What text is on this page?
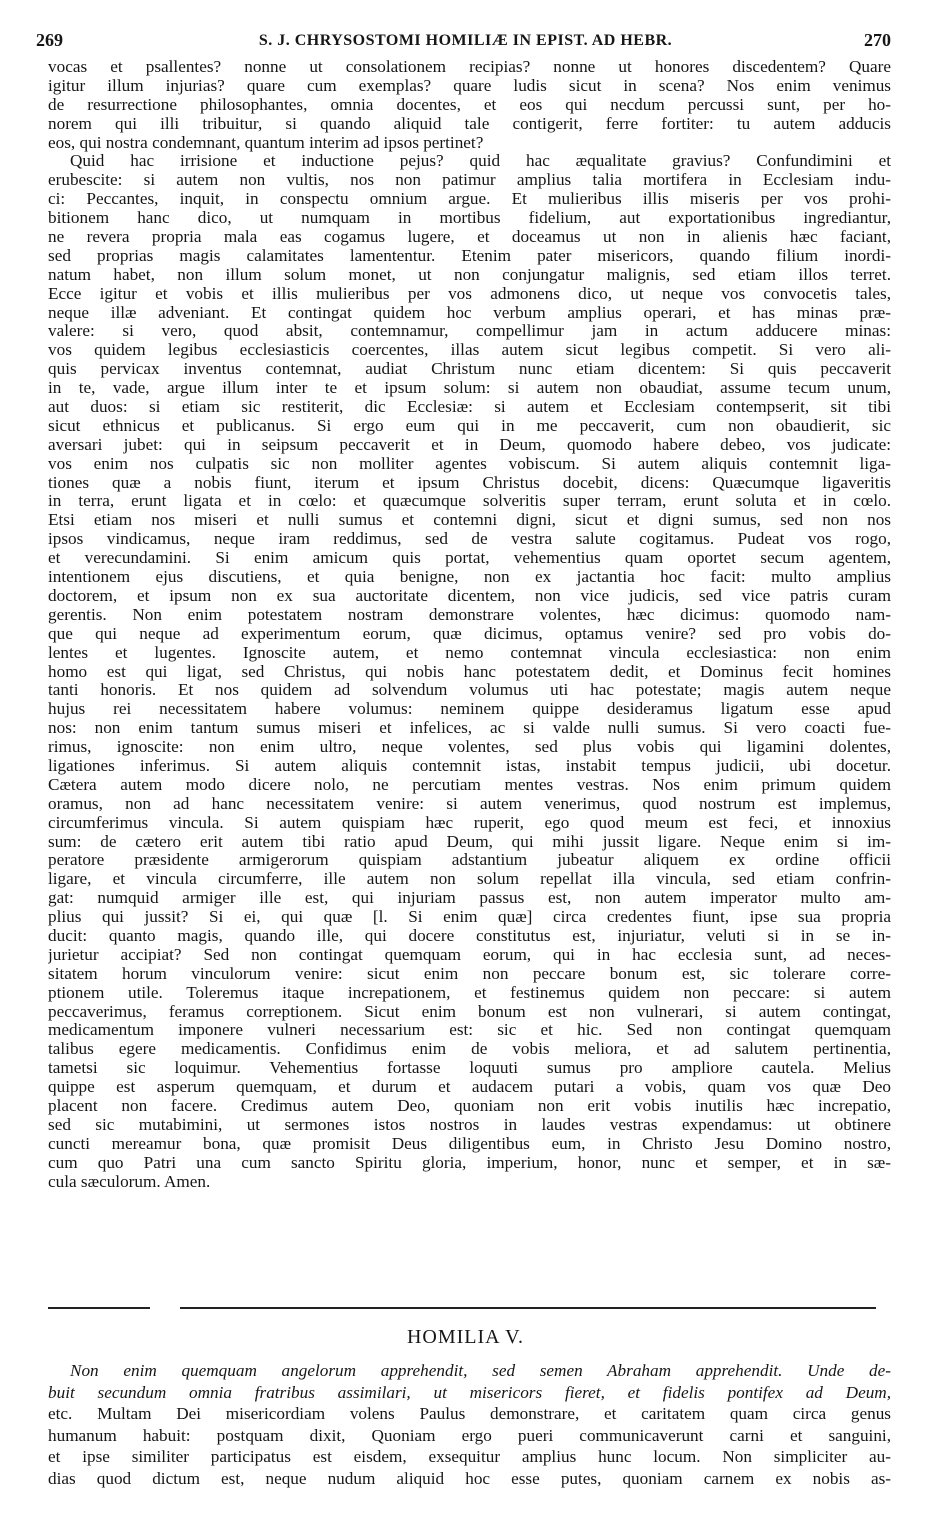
269	S. J. CHRYSOSTOMI HOMILIÆ IN EPIST. AD HEBR.	270
vocas et psallentes? nonne ut consolationem recipias? nonne ut honores discedentem? Quare
igitur illum injurias? quare cum exemplas? quare ludis sicut in scena? Nos enim venimus
de resurrectione philosophantes, omnia docentes, et eos qui necdum percussi sunt, per ho-
norem qui illi tribuitur, si quando aliquid tale contigerit, ferre fortiter: tu autem adducis
eos, qui nostra condemnant, quantum interim ad ipsos pertinet?
Quid hac irrisione et inductione pejus? quid hac æqualitate gravius? Confundimini et
erubescite: si autem non vultis, nos non patimur amplius talia mortifera in Ecclesiam indu-
ci: Peccantes, inquit, in conspectu omnium argue. Et mulieribus illis miseris per vos prohi-
bitionem hanc dico, ut numquam in mortibus fidelium, aut exportationibus ingrediantur,
ne revera propria mala eas cogamus lugere, et doceamus ut non in alienis hæc faciant,
sed proprias magis calamitates lamententur. Etenim pater misericors, quando filium inordi-
natum habet, non illum solum monet, ut non conjungatur malignis, sed etiam illos terret.
Ecce igitur et vobis et illis mulieribus per vos admonens dico, ut neque vos convocetis tales,
neque illæ adveniant. Et contingat quidem hoc verbum amplius operari, et has minas præ-
valere: si vero, quod absit, contemnamur, compellimur jam in actum adducere minas:
vos quidem legibus ecclesiasticis coercentes, illas autem sicut legibus competit. Si vero ali-
quis pervicax inventus contemnat, audiat Christum nunc etiam dicentem: Si quis peccaverit
in te, vade, argue illum inter te et ipsum solum: si autem non obaudiat, assume tecum unum,
aut duos: si etiam sic restiterit, dic Ecclesiæ: si autem et Ecclesiam contempserit, sit tibi
sicut ethnicus et publicanus. Si ergo eum qui in me peccaverit, cum non obaudierit, sic
aversari jubet: qui in seipsum peccaverit et in Deum, quomodo habere debeo, vos judicate:
vos enim nos culpatis sic non molliter agentes vobiscum. Si autem aliquis contemnit liga-
tiones quæ a nobis fiunt, iterum et ipsum Christus docebit, dicens: Quæcumque ligaveritis
in terra, erunt ligata et in cœlo: et quæcumque solveritis super terram, erunt soluta et in cœlo.
Etsi etiam nos miseri et nulli sumus et contemni digni, sicut et digni sumus, sed non nos
ipsos vindicamus, neque iram reddimus, sed de vestra salute cogitamus. Pudeat vos rogo,
et verecundamini. Si enim amicum quis portat, vehementius quam oportet secum agentem,
intentionem ejus discutiens, et quia benigne, non ex jactantia hoc facit: multo amplius
doctorem, et ipsum non ex sua auctoritate dicentem, non vice judicis, sed vice patris curam
gerentis. Non enim potestatem nostram demonstrare volentes, hæc dicimus: quomodo nam-
que qui neque ad experimentum eorum, quæ dicimus, optamus venire? sed pro vobis do-
lentes et lugentes. Ignoscite autem, et nemo contemnat vincula ecclesiastica: non enim
homo est qui ligat, sed Christus, qui nobis hanc potestatem dedit, et Dominus fecit homines
tanti honoris. Et nos quidem ad solvendum volumus uti hac potestate; magis autem neque
hujus rei necessitatem habere volumus: neminem quippe desideramus ligatum esse apud
nos: non enim tantum sumus miseri et infelices, ac si valde nulli sumus. Si vero coacti fue-
rimus, ignoscite: non enim ultro, neque volentes, sed plus vobis qui ligamini dolentes,
ligationes inferimus. Si autem aliquis contemnit istas, instabit tempus judicii, ubi docetur.
Cætera autem modo dicere nolo, ne percutiam mentes vestras. Nos enim primum quidem
oramus, non ad hanc necessitatem venire: si autem venerimus, quod nostrum est implemus,
circumferimus vincula. Si autem quispiam hæc ruperit, ego quod meum est feci, et innoxius
sum: de cætero erit autem tibi ratio apud Deum, qui mihi jussit ligare. Neque enim si im-
peratore præsidente armigerorum quispiam adstantium jubeatur aliquem ex ordine officii
ligare, et vincula circumferre, ille autem non solum repellat illa vincula, sed etiam confrin-
gat: numquid armiger ille est, qui injuriam passus est, non autem imperator multo am-
plius qui jussit? Si ei, qui quæ [l. Si enim quæ] circa credentes fiunt, ipse sua propria
ducit: quanto magis, quando ille, qui docere constitutus est, injuriatur, veluti si in se in-
jurietur accipiat? Sed non contingat quemquam eorum, qui in hac ecclesia sunt, ad neces-
sitatem horum vinculorum venire: sicut enim non peccare bonum est, sic tolerare corre-
ptionem utile. Toleremus itaque increpationem, et festinemus quidem non peccare: si autem
peccaverimus, feramus correptionem. Sicut enim bonum est non vulnerari, si autem contingat,
medicamentum imponere vulneri necessarium est: sic et hic. Sed non contingat quemquam
talibus egere medicamentis. Confidimus enim de vobis meliora, et ad salutem pertinentia,
tametsi sic loquimur. Vehementius fortasse loquuti sumus pro ampliore cautela. Melius
quippe est asperum quemquam, et durum et audacem putari a vobis, quam vos quæ Deo
placent non facere. Credimus autem Deo, quoniam non erit vobis inutilis hæc increpatio,
sed sic mutabimini, ut sermones istos nostros in laudes vestras expendamus: ut obtinere
cuncti mereamur bona, quæ promisit Deus diligentibus eum, in Christo Jesu Domino nostro,
cum quo Patri una cum sancto Spiritu gloria, imperium, honor, nunc et semper, et in sæ-
cula sæculorum. Amen.
HOMILIA V.
Non enim quemquam angelorum apprehendit, sed semen Abraham apprehendit. Unde de-
buit secundum omnia fratribus assimilari, ut misericors fieret, et fidelis pontifex ad Deum,
etc. Multam Dei misericordiam volens Paulus demonstrare, et caritatem quam circa genus
humanum habuit: postquam dixit, Quoniam ergo pueri communicaverunt carni et sanguini,
et ipse similiter participatus est eisdem, exsequitur amplius hunc locum. Non simpliciter au-
dias quod dictum est, neque nudum aliquid hoc esse putes, quoniam carnem ex nobis as-
